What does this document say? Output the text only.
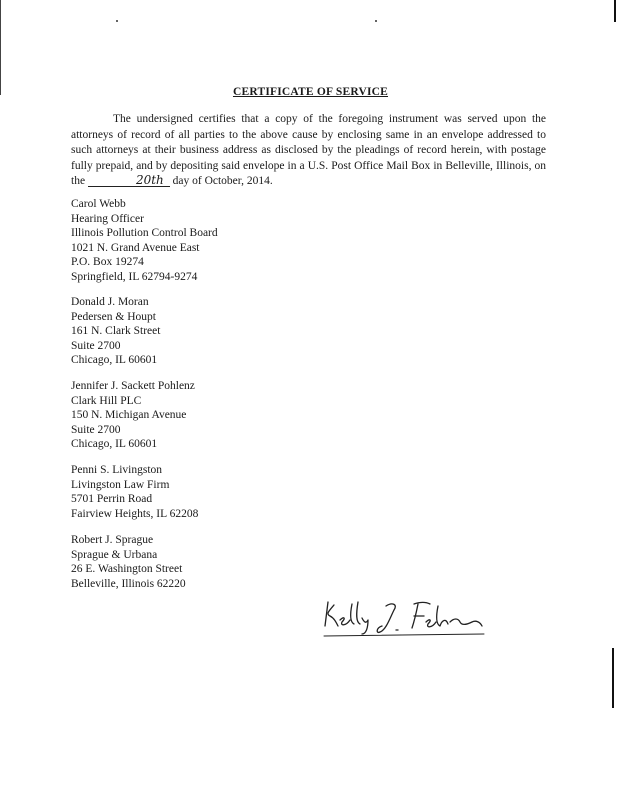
CERTIFICATE OF SERVICE
The undersigned certifies that a copy of the foregoing instrument was served upon the attorneys of record of all parties to the above cause by enclosing same in an envelope addressed to such attorneys at their business address as disclosed by the pleadings of record herein, with postage fully prepaid, and by depositing said envelope in a U.S. Post Office Mail Box in Belleville, Illinois, on the	20th day of October, 2014.
Carol Webb
Hearing Officer
Illinois Pollution Control Board
1021 N. Grand Avenue East
P.O. Box 19274
Springfield, IL 62794-9274
Donald J. Moran
Pedersen & Houpt
161 N. Clark Street
Suite 2700
Chicago, IL 60601
Jennifer J. Sackett Pohlenz
Clark Hill PLC
150 N. Michigan Avenue
Suite 2700
Chicago, IL 60601
Penni S. Livingston
Livingston Law Firm
5701 Perrin Road
Fairview Heights, IL 62208
Robert J. Sprague
Sprague & Urbana
26 E. Washington Street
Belleville, Illinois 62220
